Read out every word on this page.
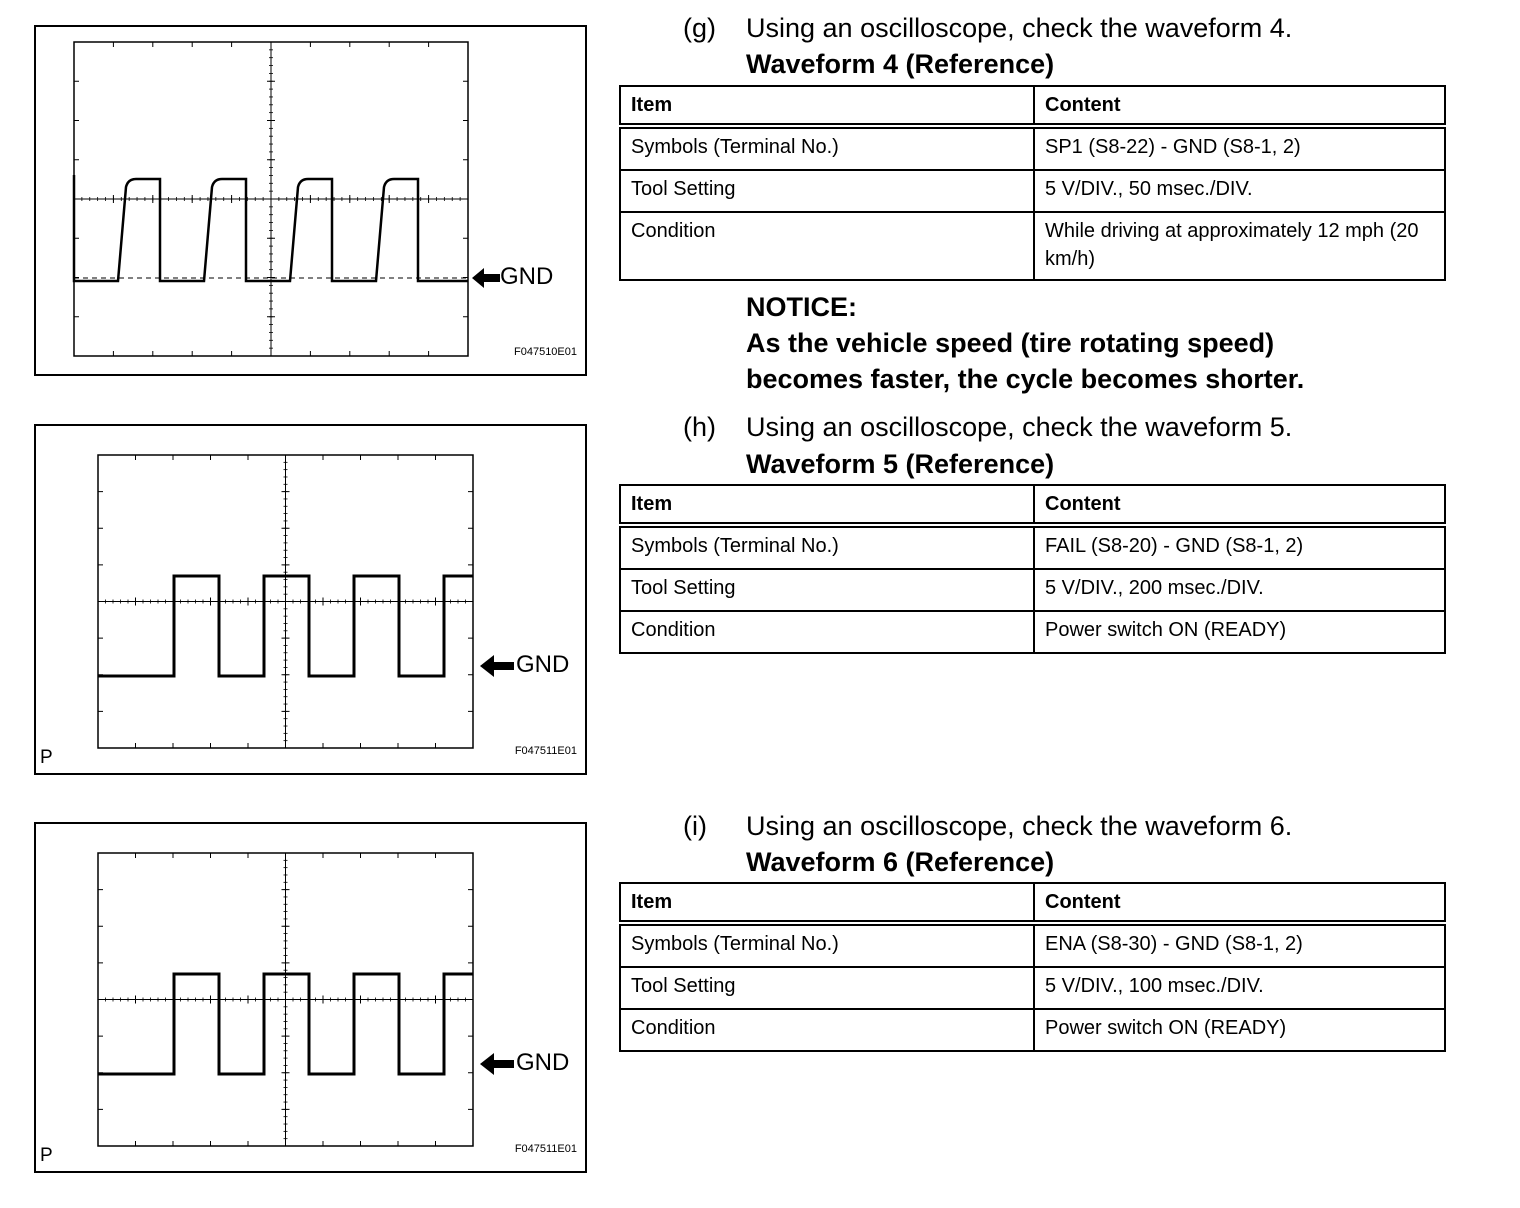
GND
F047510E01
GND
P	F047511E01
GND
P	F047511E01
(g) Using an oscilloscope, check the waveform 4.
Waveform 4 (Reference)
Item	Content
Symbols (Terminal No.)	SP1 (S8-22) - GND (S8-1, 2)
Tool Setting	5 V/DIV., 50 msec./DIV.
Condition	While driving at approximately 12 mph (20 km/h)
NOTICE:
As the vehicle speed (tire rotating speed)
becomes faster, the cycle becomes shorter.
(h) Using an oscilloscope, check the waveform 5.
Waveform 5 (Reference)
Item	Content
Symbols (Terminal No.)	FAIL (S8-20) - GND (S8-1, 2)
Tool Setting	5 V/DIV., 200 msec./DIV.
Condition	Power switch ON (READY)
(i) Using an oscilloscope, check the waveform 6.
Waveform 6 (Reference)
Item	Content
Symbols (Terminal No.)	ENA (S8-30) - GND (S8-1, 2)
Tool Setting	5 V/DIV., 100 msec./DIV.
Condition	Power switch ON (READY)
